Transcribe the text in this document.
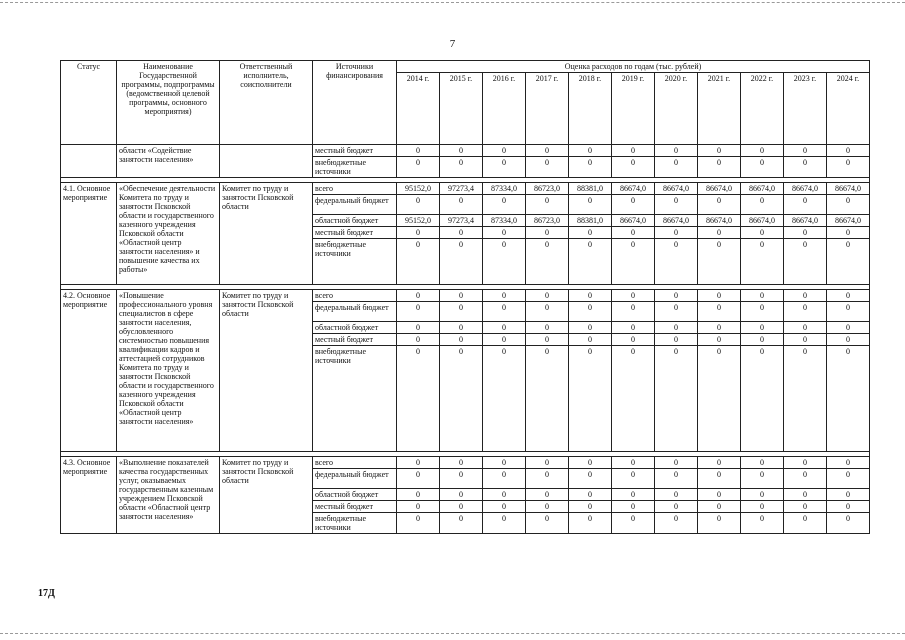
7
Статус	Наименование Государственной программы, подпрограммы (ведомственной целевой программы, основного мероприятия)	Ответственный исполнитель, соисполнители	Источники финансирования	Оценка расходов по годам (тыс. рублей)										
				2014 г.	2015 г.	2016 г.	2017 г.	2018 г.	2019 г.	2020 г.	2021 г.	2022 г.	2023 г.	2024 г.
	области «Содействие занятости населения»		местный бюджет	0	0	0	0	0	0	0	0	0	0	0
			внебюджетные источники	0	0	0	0	0	0	0	0	0	0	0

4.1. Основное мероприятие	«Обеспечение деятельности Комитета по труду и занятости Псковской области и государственного казенного учреждения Псковской области «Областной центр занятости населения» и повышение качества их работы»	Комитет по труду и занятости Псковской области	всего	95152,0	97273,4	87334,0	86723,0	88381,0	86674,0	86674,0	86674,0	86674,0	86674,0	86674,0
			федеральный бюджет	0	0	0	0	0	0	0	0	0	0	0
			областной бюджет	95152,0	97273,4	87334,0	86723,0	88381,0	86674,0	86674,0	86674,0	86674,0	86674,0	86674,0
			местный бюджет	0	0	0	0	0	0	0	0	0	0	0
			внебюджетные источники	0	0	0	0	0	0	0	0	0	0	0

4.2. Основное мероприятие	«Повышение профессионального уровня специалистов в сфере занятости населения, обусловленного системностью повышения квалификации кадров и аттестацией сотрудников Комитета по труду и занятости Псковской области и государственного казенного учреждения Псковской области «Областной центр занятости населения»	Комитет по труду и занятости Псковской области	всего	0	0	0	0	0	0	0	0	0	0	0
			федеральный бюджет	0	0	0	0	0	0	0	0	0	0	0
			областной бюджет	0	0	0	0	0	0	0	0	0	0	0
			местный бюджет	0	0	0	0	0	0	0	0	0	0	0
			внебюджетные источники	0	0	0	0	0	0	0	0	0	0	0

4.3. Основное мероприятие	«Выполнение показателей качества государственных услуг, оказываемых государственным казенным учреждением Псковской области «Областной центр занятости населения»	Комитет по труду и занятости Псковской области	всего	0	0	0	0	0	0	0	0	0	0	0
			федеральный бюджет	0	0	0	0	0	0	0	0	0	0	0
			областной бюджет	0	0	0	0	0	0	0	0	0	0	0
			местный бюджет	0	0	0	0	0	0	0	0	0	0	0
			внебюджетные источники	0	0	0	0	0	0	0	0	0	0	0
17Д
